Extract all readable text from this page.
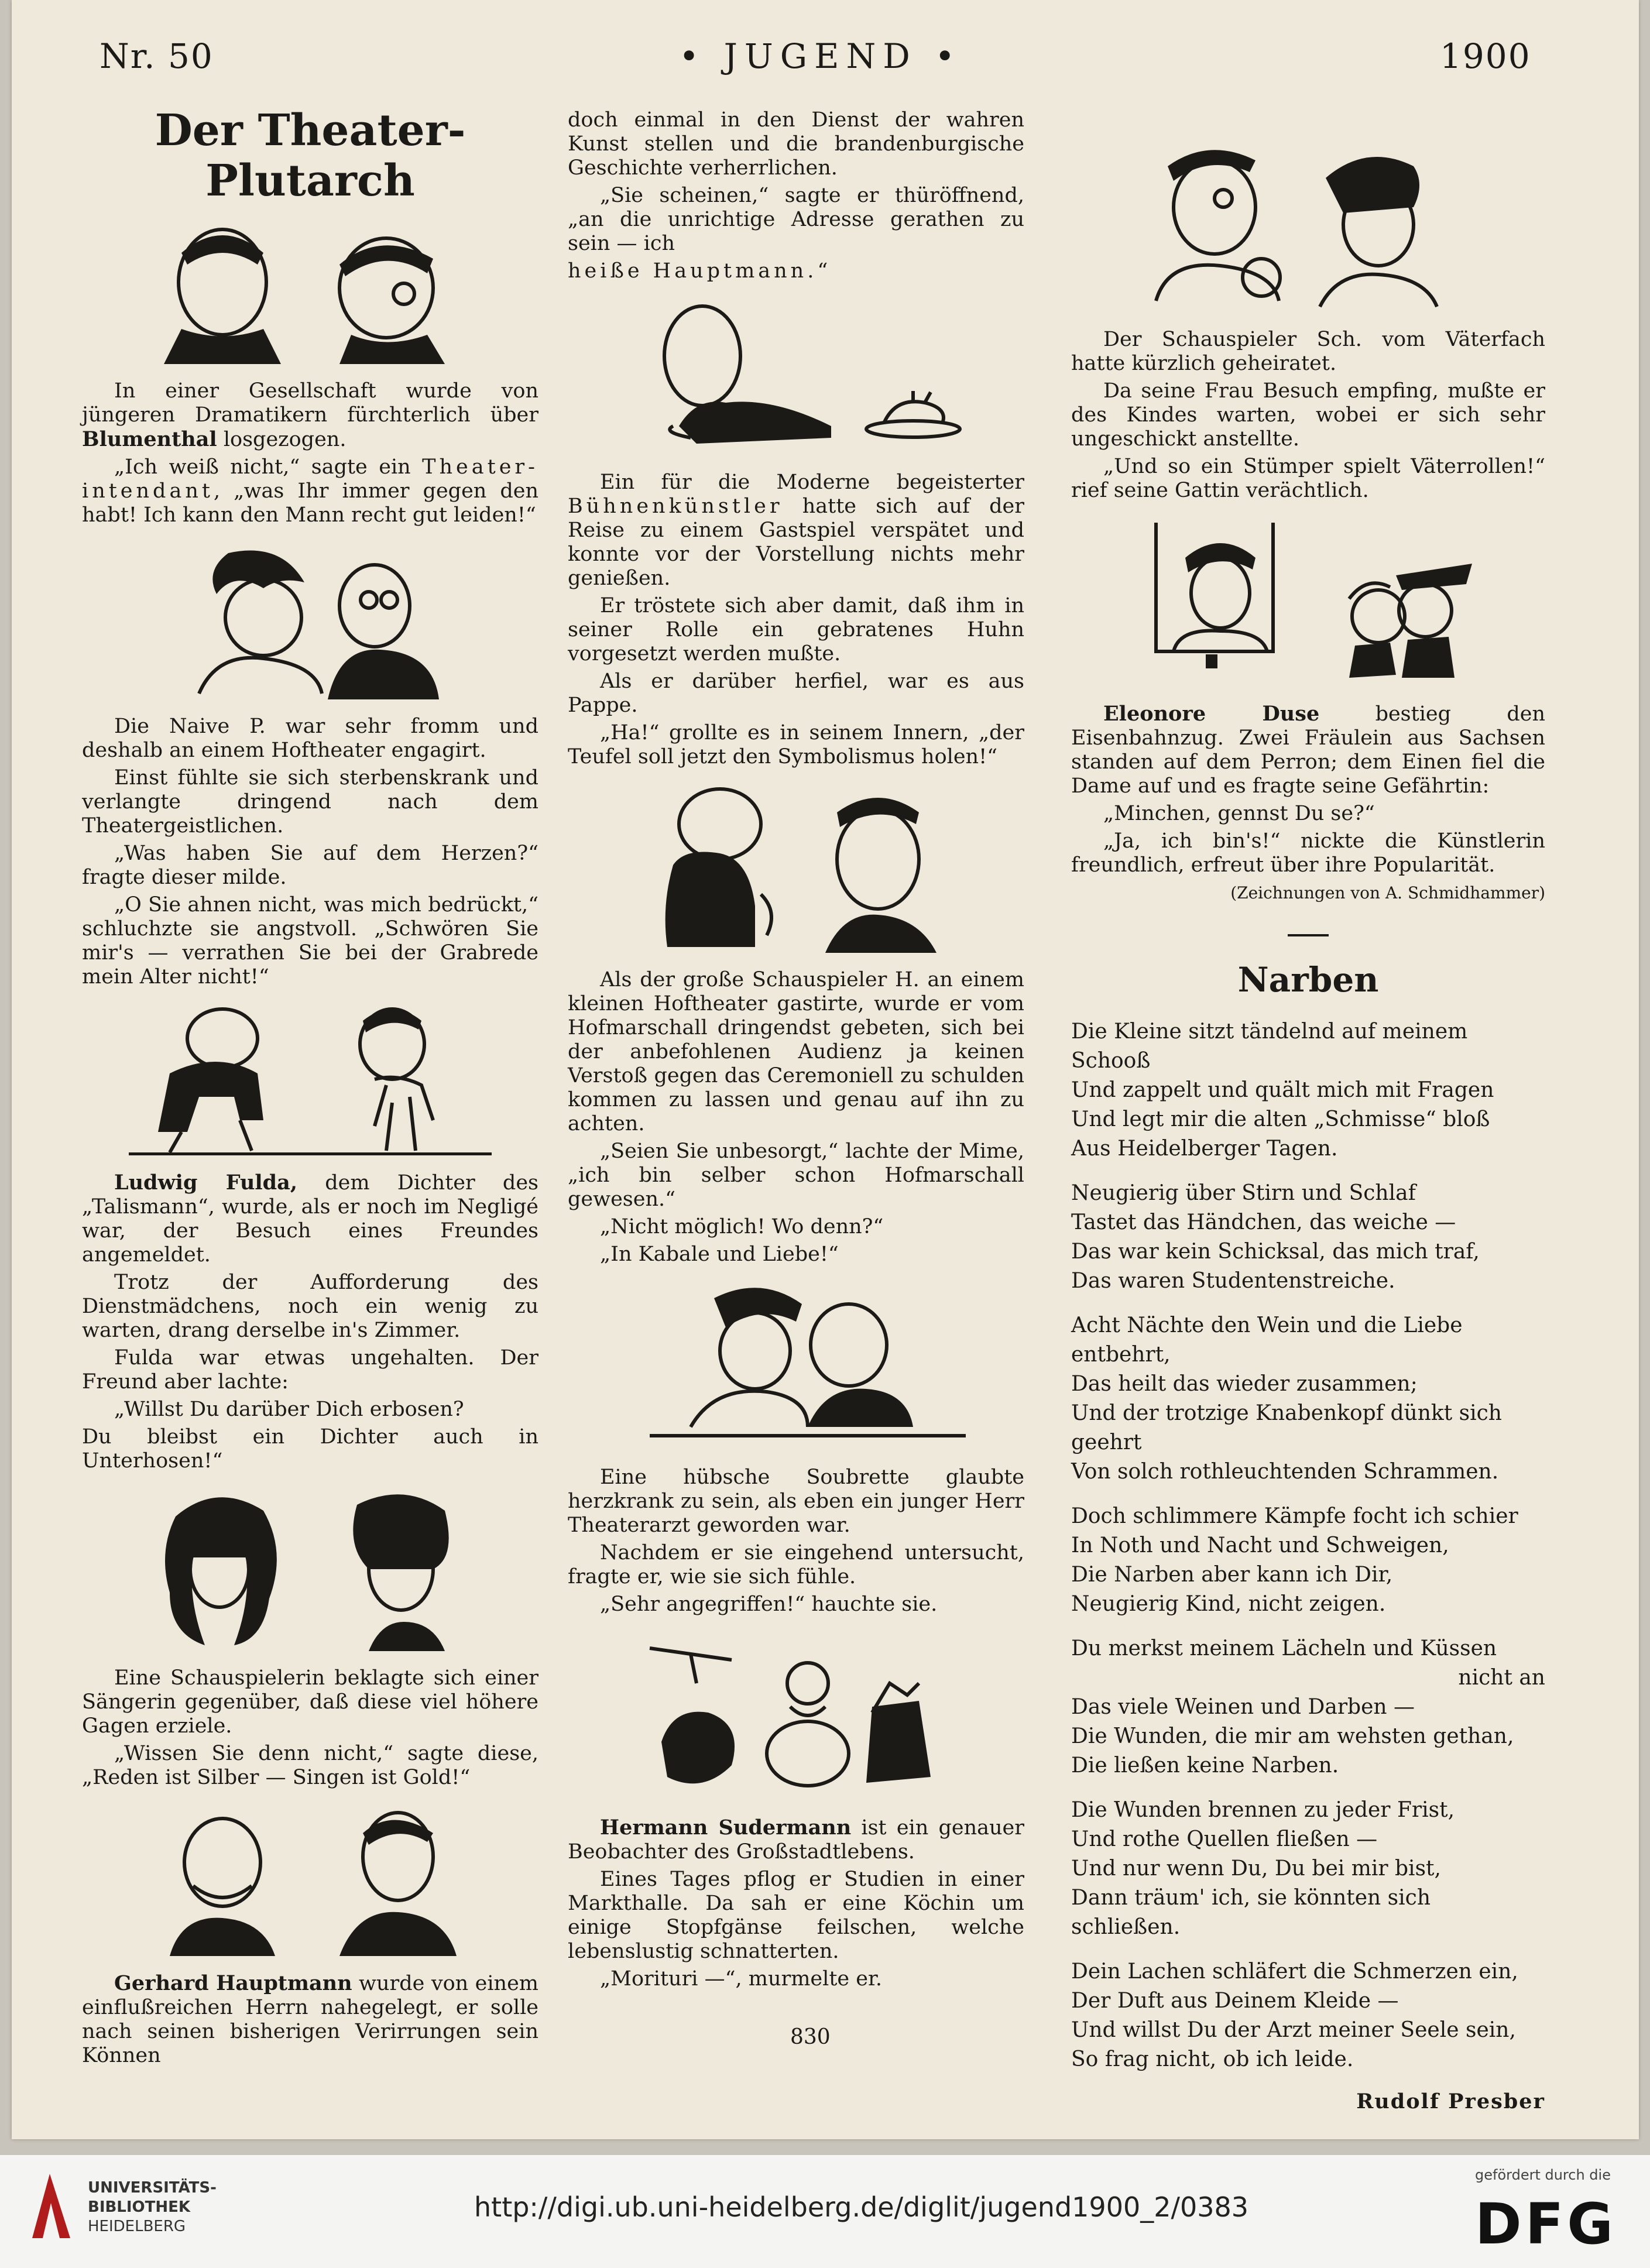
Nr. 50	• JUGEND •	1900
Der Theater-Plutarch

In einer Gesellschaft wurde von jüngeren Dramatikern fürchterlich über Blumenthal losgezogen.

„Ich weiß nicht,“ sagte ein Theater-intendant, „was Ihr immer gegen den habt! Ich kann den Mann recht gut leiden!“

Die Naive P. war sehr fromm und deshalb an einem Hoftheater engagirt.

Einst fühlte sie sich sterbenskrank und verlangte dringend nach dem Theatergeistlichen.

„Was haben Sie auf dem Herzen?“ fragte dieser milde.

„O Sie ahnen nicht, was mich bedrückt,“ schluchzte sie angstvoll. „Schwören Sie mir's — verrathen Sie bei der Grabrede mein Alter nicht!“

Ludwig Fulda, dem Dichter des „Talismann“, wurde, als er noch im Negligé war, der Besuch eines Freundes angemeldet.

Trotz der Aufforderung des Dienstmädchens, noch ein wenig zu warten, drang derselbe in's Zimmer.

Fulda war etwas ungehalten. Der Freund aber lachte:

„Willst Du darüber Dich erbosen?

Du bleibst ein Dichter auch in Unterhosen!“

Eine Schauspielerin beklagte sich einer Sängerin gegenüber, daß diese viel höhere Gagen erziele.

„Wissen Sie denn nicht,“ sagte diese, „Reden ist Silber — Singen ist Gold!“

Gerhard Hauptmann wurde von einem einflußreichen Herrn nahegelegt, er solle nach seinen bisherigen Verirrungen sein Können

doch einmal in den Dienst der wahren Kunst stellen und die brandenburgische Geschichte verherrlichen.

„Sie scheinen,“ sagte er thüröffnend, „an die unrichtige Adresse gerathen zu sein — ich

heiße Hauptmann.“

Ein für die Moderne begeisterter Bühnenkünstler hatte sich auf der Reise zu einem Gastspiel verspätet und konnte vor der Vorstellung nichts mehr genießen.

Er tröstete sich aber damit, daß ihm in seiner Rolle ein gebratenes Huhn vorgesetzt werden mußte.

Als er darüber herfiel, war es aus Pappe.

„Ha!“ grollte es in seinem Innern, „der Teufel soll jetzt den Symbolismus holen!“

Als der große Schauspieler H. an einem kleinen Hoftheater gastirte, wurde er vom Hofmarschall dringendst gebeten, sich bei der anbefohlenen Audienz ja keinen Verstoß gegen das Ceremoniell zu schulden kommen zu lassen und genau auf ihn zu achten.

„Seien Sie unbesorgt,“ lachte der Mime, „ich bin selber schon Hofmarschall gewesen.“

„Nicht möglich! Wo denn?“

„In Kabale und Liebe!“

Eine hübsche Soubrette glaubte herzkrank zu sein, als eben ein junger Herr Theaterarzt geworden war.

Nachdem er sie eingehend untersucht, fragte er, wie sie sich fühle.

„Sehr angegriffen!“ hauchte sie.

Hermann Sudermann ist ein genauer Beobachter des Großstadtlebens.

Eines Tages pflog er Studien in einer Markthalle. Da sah er eine Köchin um einige Stopfgänse feilschen, welche lebenslustig schnatterten.

„Morituri —“, murmelte er.

Der Schauspieler Sch. vom Väterfach hatte kürzlich geheiratet.

Da seine Frau Besuch empfing, mußte er des Kindes warten, wobei er sich sehr ungeschickt anstellte.

„Und so ein Stümper spielt Väterrollen!“ rief seine Gattin verächtlich.

Eleonore Duse	bestieg den Eisenbahnzug. Zwei Fräulein aus Sachsen standen auf dem Perron; dem Einen fiel die Dame auf und es fragte seine Gefährtin:

„Minchen, gennst Du se?“

„Ja, ich bin's!“ nickte die Künstlerin freundlich, erfreut über ihre Popularität.

(Zeichnungen von A. Schmidhammer)

Narben

Die Kleine sitzt tändelnd auf meinem Schooß

Und zappelt und quält mich mit Fragen

Und legt mir die alten „Schmisse“ bloß

Aus Heidelberger Tagen.

Neugierig über Stirn und Schlaf

Tastet das Händchen, das weiche —

Das war kein Schicksal, das mich traf,

Das waren Studentenstreiche.

Acht Nächte den Wein und die Liebe entbehrt,

Das heilt das wieder zusammen;

Und der trotzige Knabenkopf dünkt sich geehrt

Von solch rothleuchtenden Schrammen.

Doch schlimmere Kämpfe focht ich schier

In Noth und Nacht und Schweigen,

Die Narben aber kann ich Dir,

Neugierig Kind, nicht zeigen.

Du merkst meinem Lächeln und Küssen

nicht an

Das viele Weinen und Darben —

Die Wunden, die mir am wehsten gethan,

Die ließen keine Narben.

Die Wunden brennen zu jeder Frist,

Und rothe Quellen fließen —

Und nur wenn Du, Du bei mir bist,

Dann träum' ich, sie könnten sich schließen.

Dein Lachen schläfert die Schmerzen ein,

Der Duft aus Deinem Kleide —

Und willst Du der Arzt meiner Seele sein,

So frag nicht, ob ich leide.

Rudolf Presber

830
UNIVERSITÄTS-
BIBLIOTHEK
HEIDELBERG
http://digi.ub.uni-heidelberg.de/diglit/jugend1900_2/0383
gefördert durch die
DFG
